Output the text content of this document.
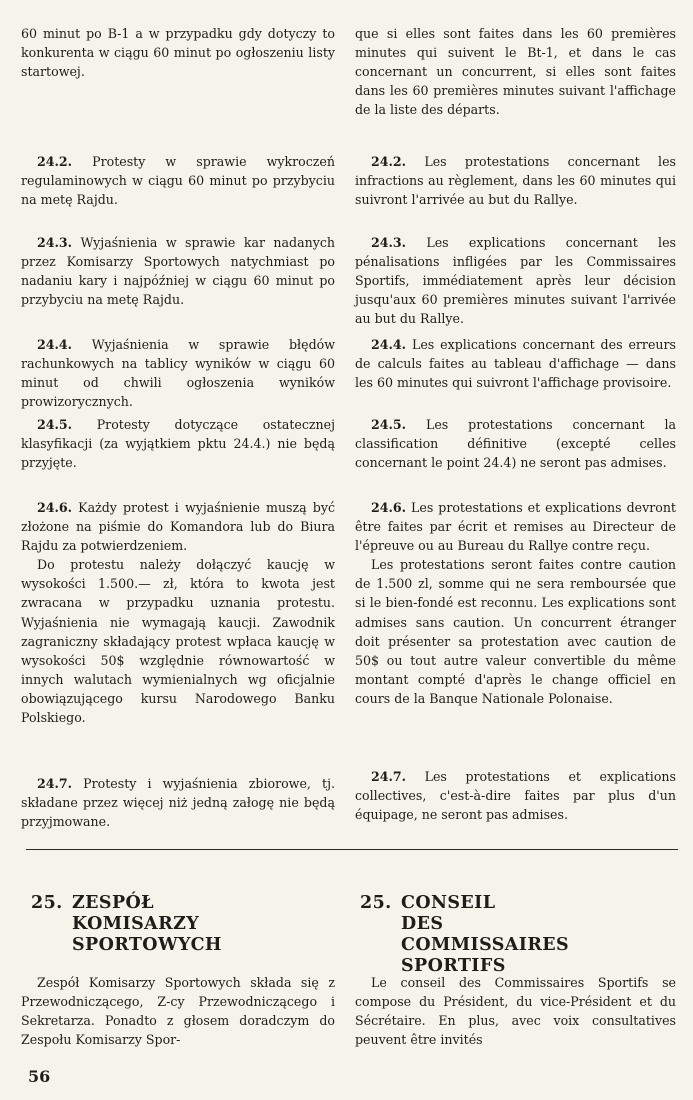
60 minut po B-1 a w przypadku gdy dotyczy to konkurenta w ciągu 60 minut po ogłoszeniu listy startowej.

24.2. Protesty w sprawie wykroczeń regulaminowych w ciągu 60 minut po przybyciu na metę Rajdu.

24.3. Wyjaśnienia w sprawie kar nadanych przez Komisarzy Sportowych natychmiast po nadaniu kary i najpóźniej w ciągu 60 minut po przybyciu na metę Rajdu.

24.4. Wyjaśnienia w sprawie błędów rachunkowych na tablicy wyników w ciągu 60 minut od chwili ogłoszenia wyników prowizorycznych.

24.5. Protesty dotyczące ostatecznej klasyfikacji (za wyjątkiem pktu 24.4.) nie będą przyjęte.

24.6. Każdy protest i wyjaśnienie muszą być złożone na piśmie do Komandora lub do Biura Rajdu za potwierdzeniem.

Do protestu należy dołączyć kaucję w wysokości 1.500.— zł, która to kwota jest zwracana w przypadku uznania protestu. Wyjaśnienia nie wymagają kaucji. Zawodnik zagraniczny składający protest wpłaca kaucję w wysokości 50$ względnie równowartość w innych walutach wymienialnych wg oficjalnie obowiązującego kursu Narodowego Banku Polskiego.

24.7. Protesty i wyjaśnienia zbiorowe, tj. składane przez więcej niż jedną załogę nie będą przyjmowane.

que si elles sont faites dans les 60 premières minutes qui suivent le Bt-1, et dans le cas concernant un concurrent, si elles sont faites dans les 60 premières minutes suivant l'affichage de la liste des départs.

24.2. Les protestations concernant les infractions au règlement, dans les 60 minutes qui suivront l'arrivée au but du Rallye.

24.3. Les explications concernant les pénalisations infligées par les Commissaires Sportifs, immédiatement après leur décision jusqu'aux 60 premières minutes suivant l'arrivée au but du Rallye.

24.4. Les explications concernant des erreurs de calculs faites au tableau d'affichage — dans les 60 minutes qui suivront l'affichage provisoire.

24.5. Les protestations concernant la classification définitive (excepté celles concernant le point 24.4) ne seront pas admises.

24.6. Les protestations et explications devront être faites par écrit et remises au Directeur de l'épreuve ou au Bureau du Rallye contre reçu.

Les protestations seront faites contre caution de 1.500 zl, somme qui ne sera remboursée que si le bien-fondé est reconnu. Les explications sont admises sans caution. Un concurrent étranger doit présenter sa protestation avec caution de 50$ ou tout autre valeur convertible du même montant compté d'après le change officiel en cours de la Banque Nationale Polonaise.

24.7. Les protestations et explications collectives, c'est-à-dire faites par plus d'un équipage, ne seront pas admises.

25. ZESPÓŁ KOMISARZY
SPORTOWYCH
25. CONSEIL
DES COMMISSAIRES
SPORTIFS

Zespół Komisarzy Sportowych składa się z Przewodniczącego, Z-cy Przewodniczącego i Sekretarza. Ponadto z głosem doradczym do Zespołu Komisarzy Spor-

Le conseil des Commissaires Sportifs se compose du Président, du vice-Président et du Sécrétaire. En plus, avec voix consultatives peuvent être invités

56
